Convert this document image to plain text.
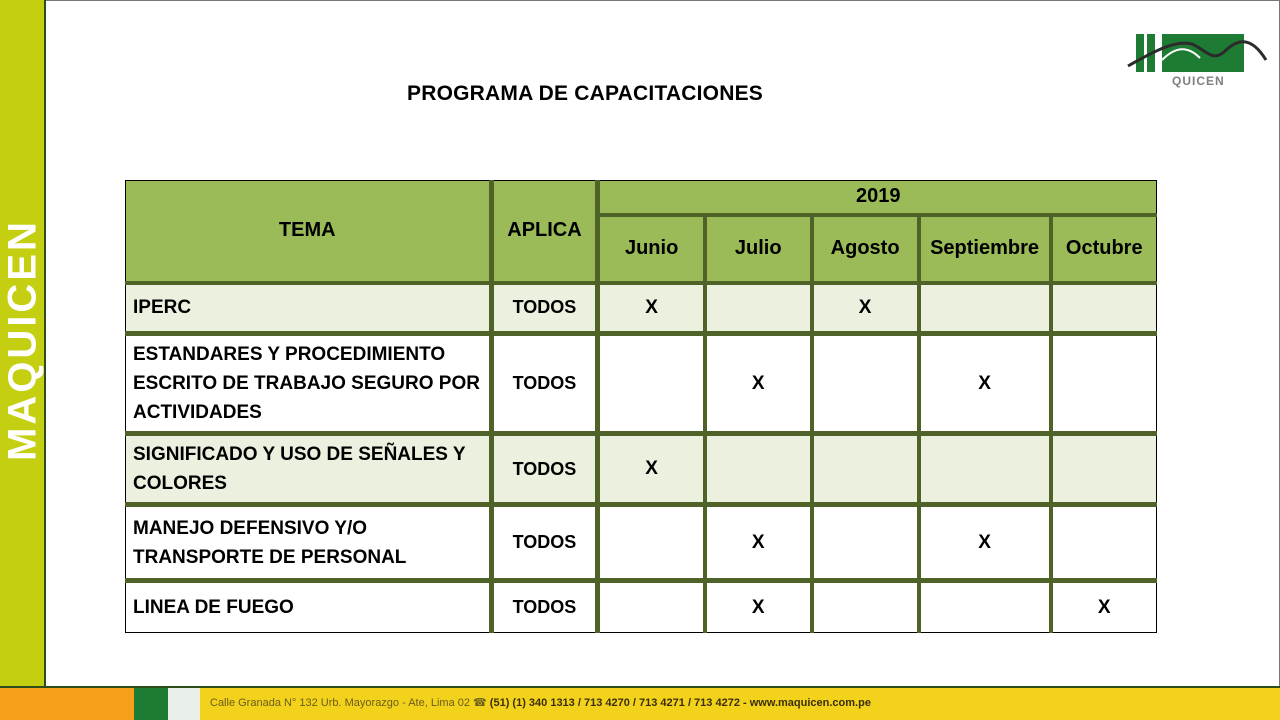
MAQUICEN
QUICEN
PROGRAMA DE CAPACITACIONES
TEMA	APLICA	2019				
		Junio	Julio	Agosto	Septiembre	Octubre
IPERC	TODOS	X		X		
ESTANDARES Y PROCEDIMIENTO ESCRITO DE TRABAJO SEGURO POR ACTIVIDADES	TODOS		X		X	
SIGNIFICADO Y USO DE SEÑALES Y COLORES	TODOS	X				
MANEJO DEFENSIVO Y/O TRANSPORTE DE PERSONAL	TODOS		X		X	
LINEA DE FUEGO	TODOS		X			X
Calle Granada N° 132 Urb. Mayorazgo - Ate, Lima 02 ☎ (51) (1) 340 1313 / 713 4270 / 713 4271 / 713 4272 - www.maquicen.com.pe
